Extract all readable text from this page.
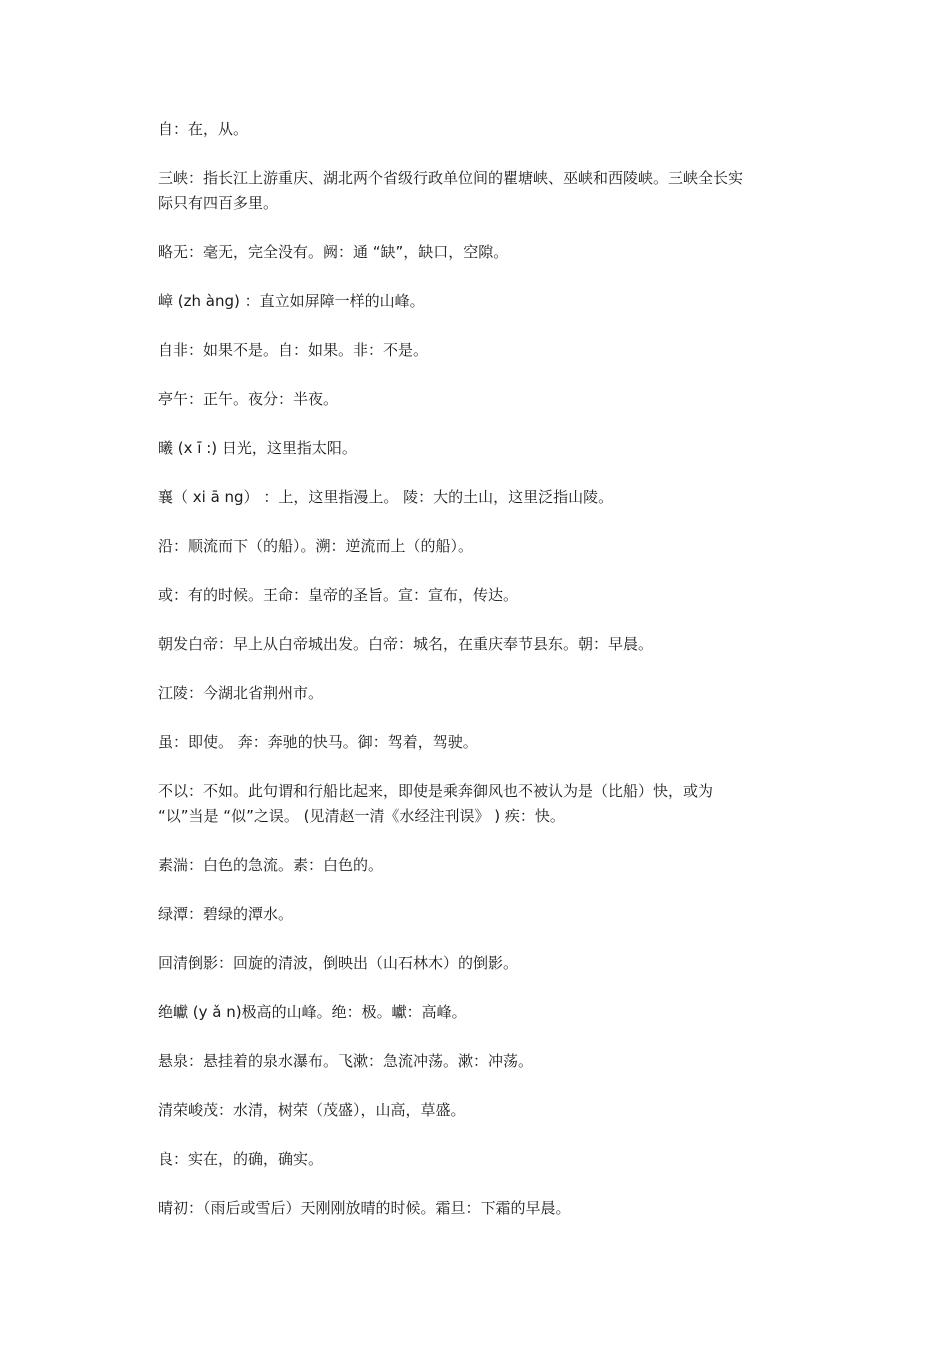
自：在，从。
三峡：指长江上游重庆、湖北两个省级行政单位间的瞿塘峡、巫峡和西陵峡。三峡全长实际只有四百多里。
略无：毫无，完全没有。阙：通 “缺”，缺口，空隙。
嶂 (zh àng) ：直立如屏障一样的山峰。
自非：如果不是。自：如果。非：不是。
亭午：正午。夜分：半夜。
曦 (x ī :) 日光，这里指太阳。
襄（ xi ā ng） ：上，这里指漫上。 陵：大的土山，这里泛指山陵。
沿：顺流而下（的船）。溯：逆流而上（的船）。
或：有的时候。王命：皇帝的圣旨。宣：宣布，传达。
朝发白帝：早上从白帝城出发。白帝：城名，在重庆奉节县东。朝：早晨。
江陵：今湖北省荆州市。
虽：即使。 奔：奔驰的快马。御：驾着，驾驶。
不以：不如。此句谓和行船比起来，即使是乘奔御风也不被认为是（比船）快，或为 “以”当是 “似”之误。 (见清赵一清《水经注刊误》 ) 疾：快。
素湍：白色的急流。素：白色的。
绿潭：碧绿的潭水。
回清倒影：回旋的清波，倒映出（山石林木）的倒影。
绝巘 (y ǎ n)极高的山峰。绝：极。巘：高峰。
悬泉：悬挂着的泉水瀑布。飞漱：急流冲荡。漱：冲荡。
清荣峻茂：水清，树荣（茂盛），山高，草盛。
良：实在，的确，确实。
晴初：（雨后或雪后）天刚刚放晴的时候。霜旦：下霜的早晨。
